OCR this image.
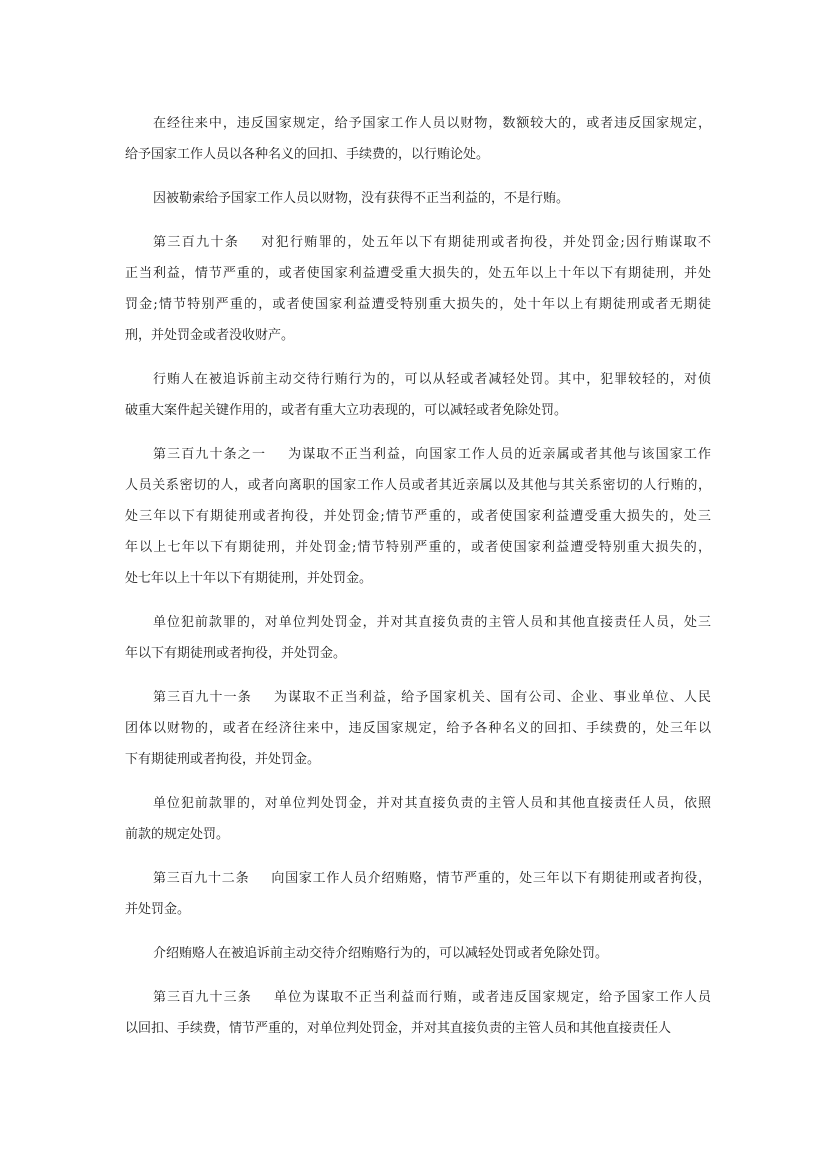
在经往来中，违反国家规定，给予国家工作人员以财物，数额较大的，或者违反国家规定，
给予国家工作人员以各种名义的回扣、手续费的，以行贿论处。
因被勒索给予国家工作人员以财物，没有获得不正当利益的，不是行贿。
第三百九十条 对犯行贿罪的，处五年以下有期徒刑或者拘役，并处罚金;因行贿谋取不
正当利益，情节严重的，或者使国家利益遭受重大损失的，处五年以上十年以下有期徒刑，并处
罚金;情节特别严重的，或者使国家利益遭受特别重大损失的，处十年以上有期徒刑或者无期徒
刑，并处罚金或者没收财产。
行贿人在被追诉前主动交待行贿行为的，可以从轻或者减轻处罚。其中，犯罪较轻的，对侦
破重大案件起关键作用的，或者有重大立功表现的，可以减轻或者免除处罚。
第三百九十条之一 为谋取不正当利益，向国家工作人员的近亲属或者其他与该国家工作
人员关系密切的人，或者向离职的国家工作人员或者其近亲属以及其他与其关系密切的人行贿的，
处三年以下有期徒刑或者拘役，并处罚金;情节严重的，或者使国家利益遭受重大损失的，处三
年以上七年以下有期徒刑，并处罚金;情节特别严重的，或者使国家利益遭受特别重大损失的，
处七年以上十年以下有期徒刑，并处罚金。
单位犯前款罪的，对单位判处罚金，并对其直接负责的主管人员和其他直接责任人员，处三
年以下有期徒刑或者拘役，并处罚金。
第三百九十一条 为谋取不正当利益，给予国家机关、国有公司、企业、事业单位、人民
团体以财物的，或者在经济往来中，违反国家规定，给予各种名义的回扣、手续费的，处三年以
下有期徒刑或者拘役，并处罚金。
单位犯前款罪的，对单位判处罚金，并对其直接负责的主管人员和其他直接责任人员，依照
前款的规定处罚。
第三百九十二条 向国家工作人员介绍贿赂，情节严重的，处三年以下有期徒刑或者拘役，
并处罚金。
介绍贿赂人在被追诉前主动交待介绍贿赂行为的，可以减轻处罚或者免除处罚。
第三百九十三条 单位为谋取不正当利益而行贿，或者违反国家规定，给予国家工作人员
以回扣、手续费，情节严重的，对单位判处罚金，并对其直接负责的主管人员和其他直接责任人
